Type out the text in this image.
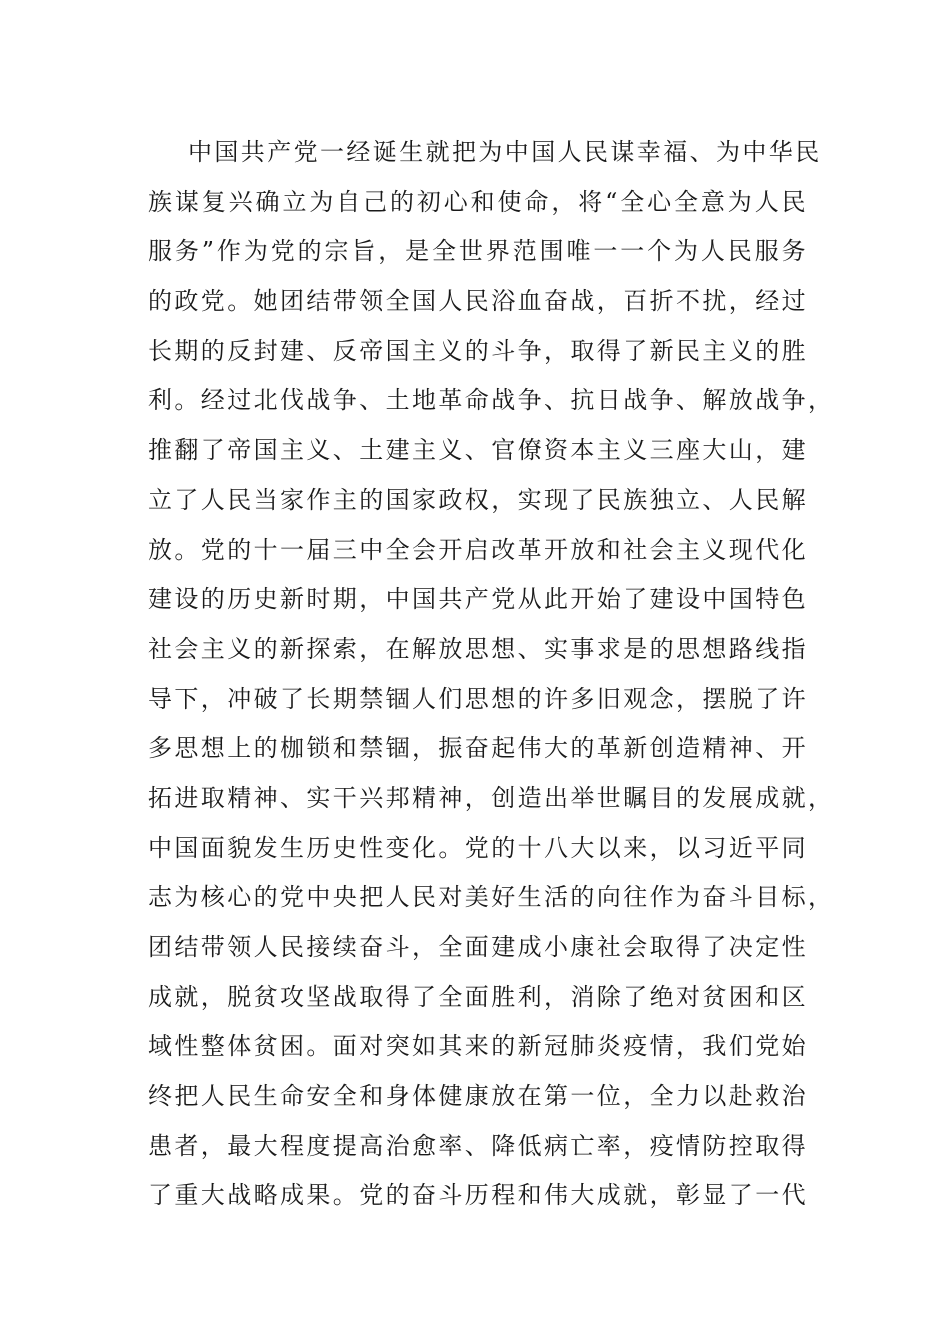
中国共产党一经诞生就把为中国人民谋幸福、为中华民
族谋复兴确立为自己的初心和使命，将“全心全意为人民
服务”作为党的宗旨，是全世界范围唯一一个为人民服务
的政党。她团结带领全国人民浴血奋战，百折不扰，经过
长期的反封建、反帝国主义的斗争，取得了新民主义的胜
利。经过北伐战争、土地革命战争、抗日战争、解放战争，
推翻了帝国主义、土建主义、官僚资本主义三座大山，建
立了人民当家作主的国家政权，实现了民族独立、人民解
放。党的十一届三中全会开启改革开放和社会主义现代化
建设的历史新时期，中国共产党从此开始了建设中国特色
社会主义的新探索，在解放思想、实事求是的思想路线指
导下，冲破了长期禁锢人们思想的许多旧观念，摆脱了许
多思想上的枷锁和禁锢，振奋起伟大的革新创造精神、开
拓进取精神、实干兴邦精神，创造出举世瞩目的发展成就，
中国面貌发生历史性变化。党的十八大以来，以习近平同
志为核心的党中央把人民对美好生活的向往作为奋斗目标，
团结带领人民接续奋斗，全面建成小康社会取得了决定性
成就，脱贫攻坚战取得了全面胜利，消除了绝对贫困和区
域性整体贫困。面对突如其来的新冠肺炎疫情，我们党始
终把人民生命安全和身体健康放在第一位，全力以赴救治
患者，最大程度提高治愈率、降低病亡率，疫情防控取得
了重大战略成果。党的奋斗历程和伟大成就，彰显了一代
